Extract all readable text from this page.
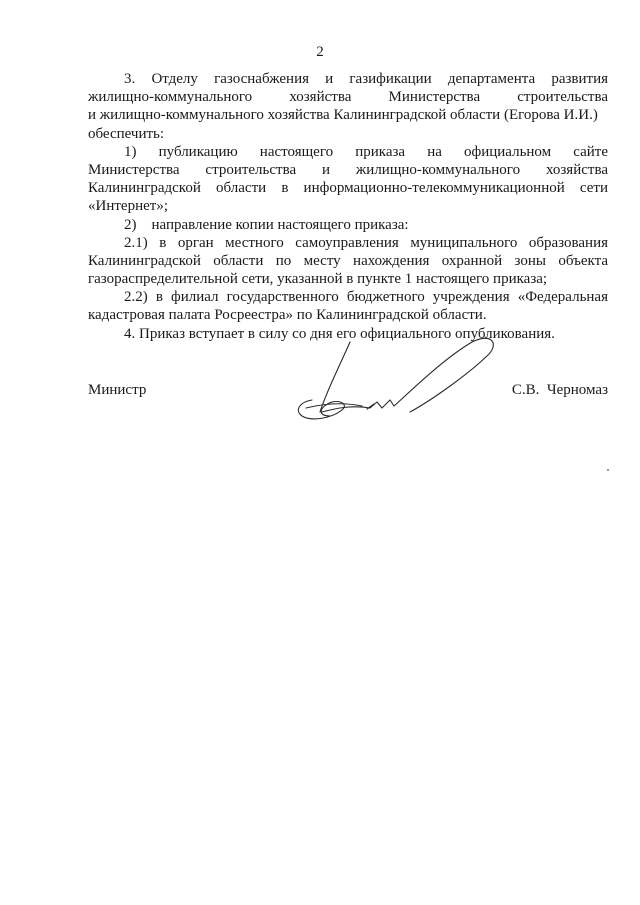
2
3. Отделу газоснабжения и газификации департамента развития
жилищно-коммунального хозяйства Министерства строительства
и жилищно-коммунального хозяйства Калининградской области (Егорова И.И.)
обеспечить:
1) публикацию настоящего приказа на официальном сайте
Министерства строительства и жилищно-коммунального хозяйства
Калининградской области в информационно-телекоммуникационной сети
«Интернет»;
2)    направление копии настоящего приказа:
2.1) в орган местного самоуправления муниципального образования
Калининградской области по месту нахождения охранной зоны объекта
газораспределительной сети, указанной в пункте 1 настоящего приказа;
2.2) в филиал государственного бюджетного учреждения «Федеральная
кадастровая палата Росреестра» по Калининградской области.
4. Приказ вступает в силу со дня его официального опубликования.
Министр	С.В.  Черномаз
